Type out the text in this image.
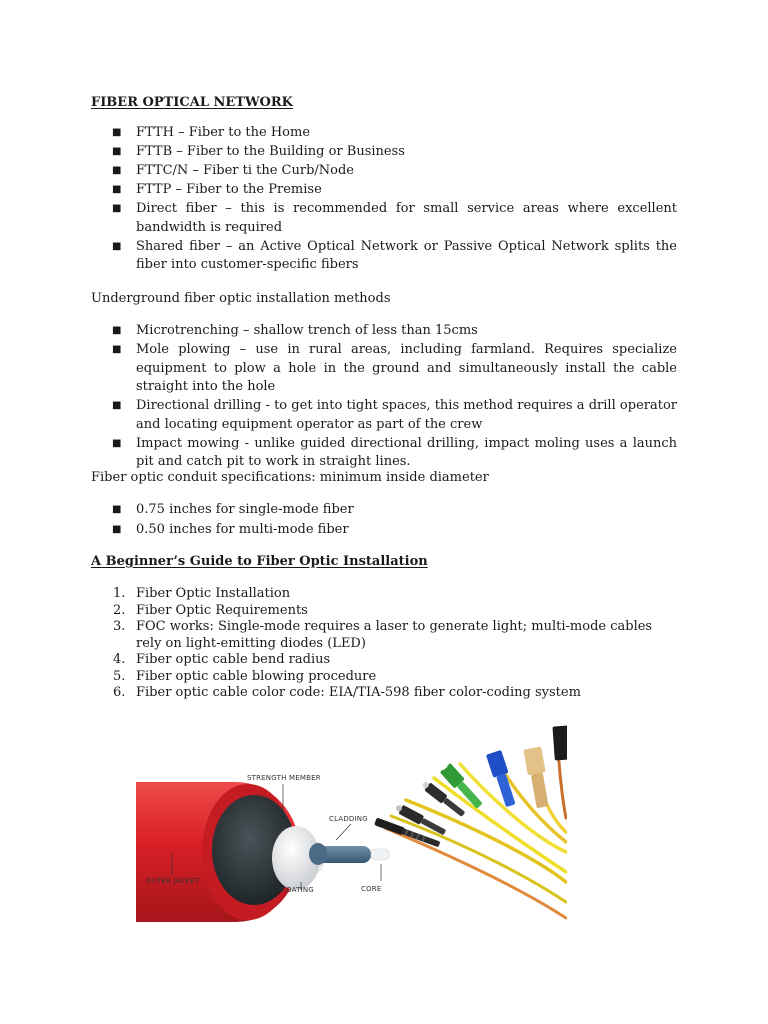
FIBER OPTICAL NETWORK

■ FTTH – Fiber to the Home
■ FTTB – Fiber to the Building or Business
■ FTTC/N – Fiber ti the Curb/Node
■ FTTP – Fiber to the Premise
■ Direct fiber – this is recommended for small service areas where excellent bandwidth is required
■ Shared fiber – an Active Optical Network or Passive Optical Network splits the fiber into customer-specific fibers

Underground fiber optic installation methods

■ Microtrenching – shallow trench of less than 15cms
■ Mole plowing – use in rural areas, including farmland. Requires specialize equipment to plow a hole in the ground and simultaneously install the cable straight into the hole
■ Directional drilling - to get into tight spaces, this method requires a drill operator and locating equipment operator as part of the crew
■ Impact mowing - unlike guided directional drilling, impact moling uses a launch pit and catch pit to work in straight lines.

Fiber optic conduit specifications: minimum inside diameter

■ 0.75 inches for single-mode fiber
■ 0.50 inches for multi-mode fiber

A Beginner’s Guide to Fiber Optic Installation

1. Fiber Optic Installation
2. Fiber Optic Requirements
3. FOC works: Single-mode requires a laser to generate light; multi-mode cables rely on light-emitting diodes (LED)
4. Fiber optic cable bend radius
5. Fiber optic cable blowing procedure
6. Fiber optic cable color code: EIA/TIA-598 fiber color-coding system
STRENGTH MEMBER
CLADDING
OUTER JACKET
COATING	CORE
